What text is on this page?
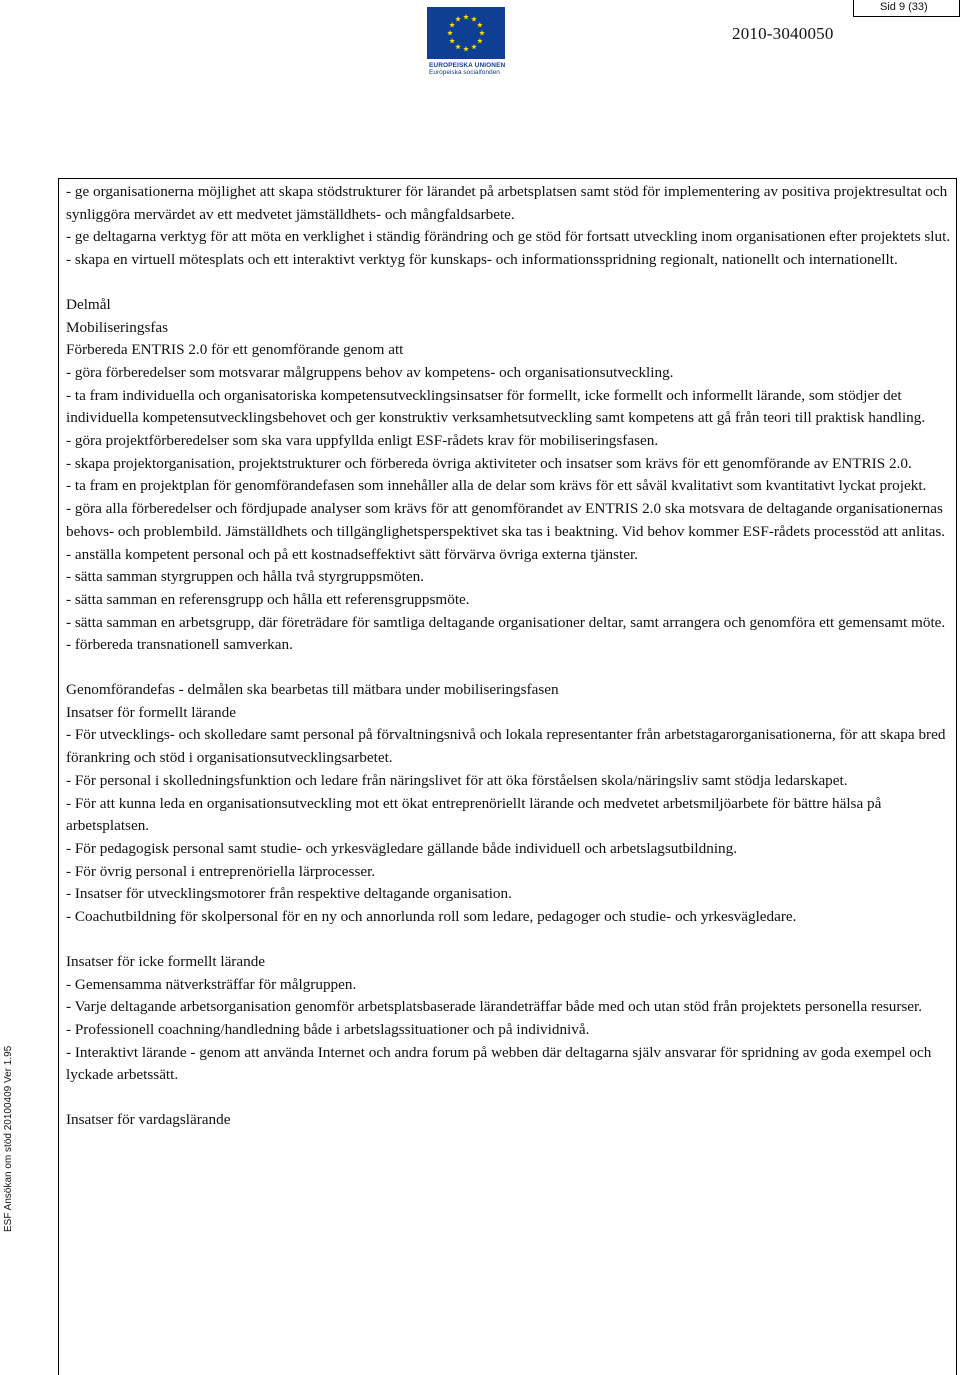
Sid 9 (33)
EUROPEISKA UNIONEN
Europeiska socialfonden
2010-3040050
ESF Ansökan om stöd 20100409 Ver 1.95

- ge organisationerna möjlighet att skapa stödstrukturer för lärandet på arbetsplatsen samt stöd för implementering av positiva projektresultat och synliggöra mervärdet av ett medvetet jämställdhets- och mångfaldsarbete.

- ge deltagarna verktyg för att möta en verklighet i ständig förändring och ge stöd för fortsatt utveckling inom organisationen efter projektets slut.

- skapa en virtuell mötesplats och ett interaktivt verktyg för kunskaps- och informationsspridning regionalt, nationellt och internationellt.

Delmål

Mobiliseringsfas

Förbereda ENTRIS 2.0 för ett genomförande genom att

- göra förberedelser som motsvarar målgruppens behov av kompetens- och organisationsutveckling.

- ta fram individuella och organisatoriska kompetensutvecklingsinsatser för formellt, icke formellt och informellt lärande, som stödjer det individuella kompetensutvecklingsbehovet och ger konstruktiv verksamhetsutveckling samt kompetens att gå från teori till praktisk handling.

- göra projektförberedelser som ska vara uppfyllda enligt ESF-rådets krav för mobiliseringsfasen.

- skapa projektorganisation, projektstrukturer och förbereda övriga aktiviteter och insatser som krävs för ett genomförande av ENTRIS 2.0.

- ta fram en projektplan för genomförandefasen som innehåller alla de delar som krävs för ett såväl kvalitativt som kvantitativt lyckat projekt.

- göra alla förberedelser och fördjupade analyser som krävs för att genomförandet av ENTRIS 2.0 ska motsvara de deltagande organisationernas behovs- och problembild. Jämställdhets och tillgänglighetsperspektivet ska tas i beaktning. Vid behov kommer ESF-rådets processtöd att anlitas.

- anställa kompetent personal och på ett kostnadseffektivt sätt förvärva övriga externa tjänster.

- sätta samman styrgruppen och hålla två styrgruppsmöten.

- sätta samman en referensgrupp och hålla ett referensgruppsmöte.

- sätta samman en arbetsgrupp, där företrädare för samtliga deltagande organisationer deltar, samt arrangera och genomföra ett gemensamt möte.

- förbereda transnationell samverkan.

Genomförandefas - delmålen ska bearbetas till mätbara under mobiliseringsfasen

Insatser för formellt lärande

- För utvecklings- och skolledare samt personal på förvaltningsnivå och lokala representanter från arbetstagarorganisationerna, för att skapa bred förankring och stöd i organisationsutvecklingsarbetet.

- För personal i skolledningsfunktion och ledare från näringslivet för att öka förståelsen skola/näringsliv samt stödja ledarskapet.

- För att kunna leda en organisationsutveckling mot ett ökat entreprenöriellt lärande och medvetet arbetsmiljöarbete för bättre hälsa på arbetsplatsen.

- För pedagogisk personal samt studie- och yrkesvägledare gällande både individuell och arbetslagsutbildning.

- För övrig personal i entreprenöriella lärprocesser.

- Insatser för utvecklingsmotorer från respektive deltagande organisation.

- Coachutbildning för skolpersonal för en ny och annorlunda roll som ledare, pedagoger och studie- och yrkesvägledare.

Insatser för icke formellt lärande

- Gemensamma nätverksträffar för målgruppen.

- Varje deltagande arbetsorganisation genomför arbetsplatsbaserade lärandeträffar både med och utan stöd från projektets personella resurser.

- Professionell coachning/handledning både i arbetslagssituationer och på individnivå.

- Interaktivt lärande - genom att använda Internet och andra forum på webben där deltagarna själv ansvarar för spridning av goda exempel och lyckade arbetssätt.

Insatser för vardagslärande
